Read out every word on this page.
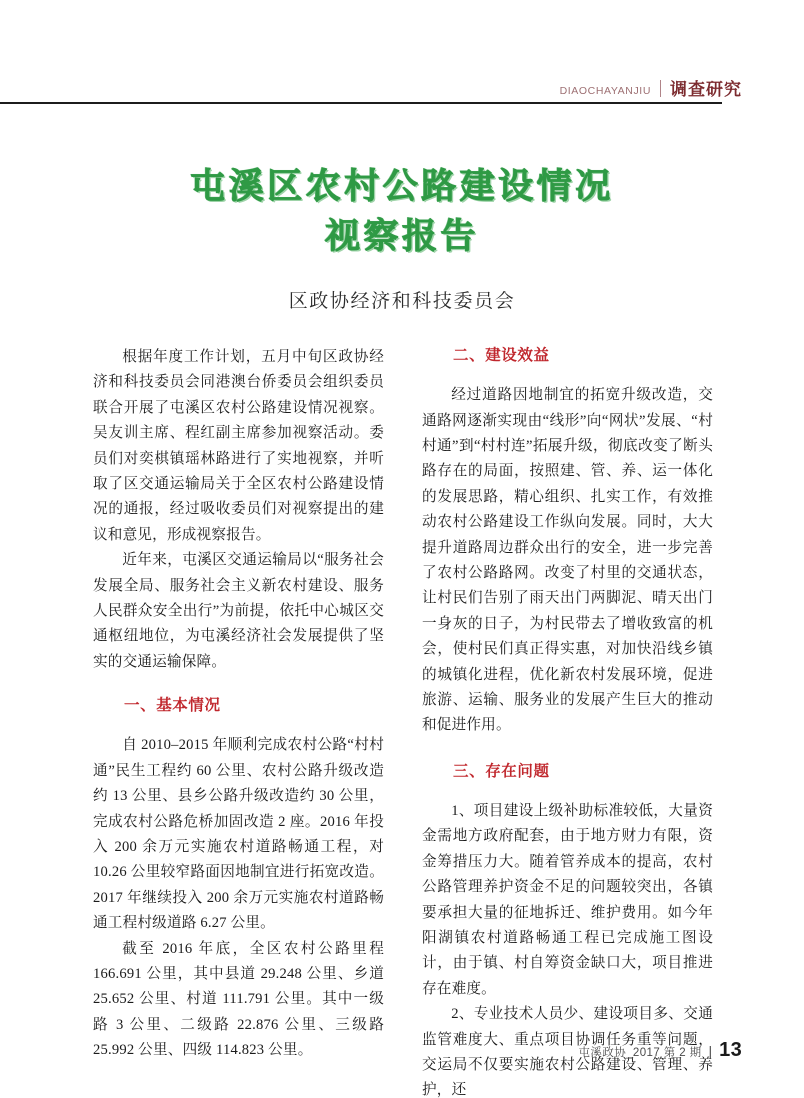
DIAOCHAYANJIU 调查研究
屯溪区农村公路建设情况
视察报告
区政协经济和科技委员会

根据年度工作计划，五月中旬区政协经济和科技委员会同港澳台侨委员会组织委员联合开展了屯溪区农村公路建设情况视察。吴友训主席、程红副主席参加视察活动。委员们对奕棋镇瑶林路进行了实地视察，并听取了区交通运输局关于全区农村公路建设情况的通报，经过吸收委员们对视察提出的建议和意见，形成视察报告。

近年来，屯溪区交通运输局以“服务社会发展全局、服务社会主义新农村建设、服务人民群众安全出行”为前提，依托中心城区交通枢纽地位，为屯溪经济社会发展提供了坚实的交通运输保障。

一、基本情况

自 2010–2015 年顺利完成农村公路“村村通”民生工程约 60 公里、农村公路升级改造约 13 公里、县乡公路升级改造约 30 公里，完成农村公路危桥加固改造 2 座。2016 年投入 200 余万元实施农村道路畅通工程，对 10.26 公里较窄路面因地制宜进行拓宽改造。2017 年继续投入 200 余万元实施农村道路畅通工程村级道路 6.27 公里。

截至 2016 年底，全区农村公路里程 166.691 公里，其中县道 29.248 公里、乡道 25.652 公里、村道 111.791 公里。其中一级路 3 公里、二级路 22.876 公里、三级路 25.992 公里、四级 114.823 公里。

二、建设效益

经过道路因地制宜的拓宽升级改造，交通路网逐渐实现由“线形”向“网状”发展、“村村通”到“村村连”拓展升级，彻底改变了断头路存在的局面，按照建、管、养、运一体化的发展思路，精心组织、扎实工作，有效推动农村公路建设工作纵向发展。同时，大大提升道路周边群众出行的安全，进一步完善了农村公路路网。改变了村里的交通状态，让村民们告别了雨天出门两脚泥、晴天出门一身灰的日子，为村民带去了增收致富的机会，使村民们真正得实惠，对加快沿线乡镇的城镇化进程，优化新农村发展环境，促进旅游、运输、服务业的发展产生巨大的推动和促进作用。

三、存在问题

1、项目建设上级补助标准较低，大量资金需地方政府配套，由于地方财力有限，资金筹措压力大。随着管养成本的提高，农村公路管理养护资金不足的问题较突出，各镇要承担大量的征地拆迁、维护费用。如今年阳湖镇农村道路畅通工程已完成施工图设计，由于镇、村自筹资金缺口大，项目推进存在难度。

2、专业技术人员少、建设项目多、交通监管难度大、重点项目协调任务重等问题，交运局不仅要实施农村公路建设、管理、养护，还

屯溪政协_2017 第 2 期 | 13
